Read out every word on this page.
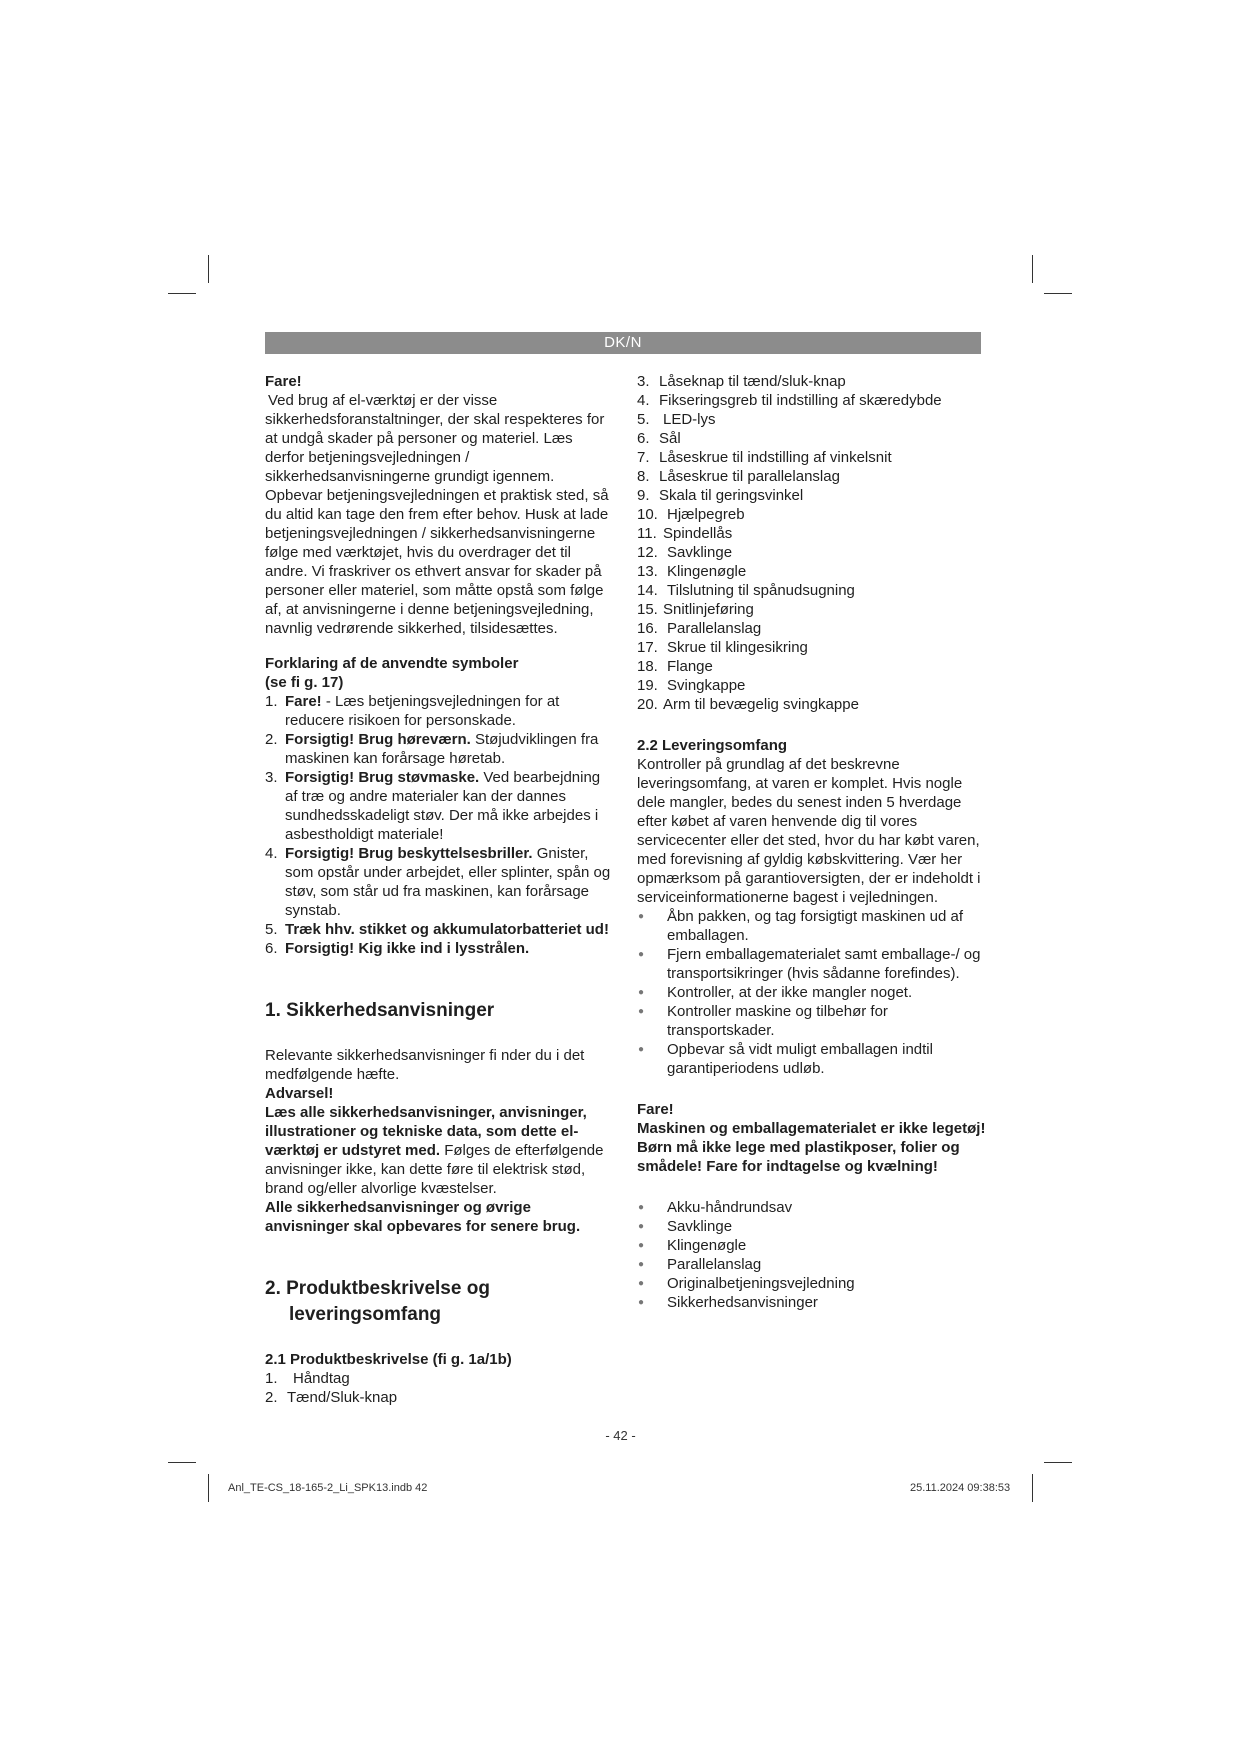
DK/N

Fare!

Ved brug af el-værktøj er der visse sikkerhedsforanstaltninger, der skal respekteres for at undgå skader på personer og materiel. Læs derfor betjeningsvejledningen / sikkerhedsanvisningerne grundigt igennem. Opbevar betjeningsvejledningen et praktisk sted, så du altid kan tage den frem efter behov. Husk at lade betjeningsvejledningen / sikkerhedsanvisningerne følge med værktøjet, hvis du overdrager det til andre. Vi fraskriver os ethvert ansvar for skader på personer eller materiel, som måtte opstå som følge af, at anvisningerne i denne betjeningsvejledning, navnlig vedrørende sikkerhed, tilsidesættes.

Forklaring af de anvendte symboler

(se fi g. 17)

1. Fare! - Læs betjeningsvejledningen for at reducere risikoen for personskade.
2. Forsigtig! Brug høreværn. Støjudviklingen fra maskinen kan forårsage høretab.
3. Forsigtig! Brug støvmaske. Ved bearbejdning af træ og andre materialer kan der dannes sundhedsskadeligt støv. Der må ikke arbejdes i asbestholdigt materiale!
4. Forsigtig! Brug beskyttelsesbriller. Gnister, som opstår under arbejdet, eller splinter, spån og støv, som står ud fra maskinen, kan forårsage synstab.
5. Træk hhv. stikket og akkumulatorbatteriet ud!
6. Forsigtig! Kig ikke ind i lysstrålen.
1. Sikkerhedsanvisninger

Relevante sikkerhedsanvisninger fi nder du i det medfølgende hæfte.

Advarsel!

Læs alle sikkerhedsanvisninger, anvisninger, illustrationer og tekniske data, som dette el-værktøj er udstyret med. Følges de efterfølgende anvisninger ikke, kan dette føre til elektrisk stød, brand og/eller alvorlige kvæstelser.

Alle sikkerhedsanvisninger og øvrige anvisninger skal opbevares for senere brug.

2. Produktbeskrivelse og
leveringsomfang

2.1 Produktbeskrivelse (fi g. 1a/1b)

1. Håndtag
2. Tænd/Sluk-knap
3. Låseknap til tænd/sluk-knap
4. Fikseringsgreb til indstilling af skæredybde
5. LED-lys
6. Sål
7. Låseskrue til indstilling af vinkelsnit
8. Låseskrue til parallelanslag
9. Skala til geringsvinkel
10. Hjælpegreb
11. Spindellås
12. Savklinge
13. Klingenøgle
14. Tilslutning til spånudsugning
15. Snitlinjeføring
16. Parallelanslag
17. Skrue til klingesikring
18. Flange
19. Svingkappe
20. Arm til bevægelig svingkappe

2.2 Leveringsomfang

Kontroller på grundlag af det beskrevne leveringsomfang, at varen er komplet. Hvis nogle dele mangler, bedes du senest inden 5 hverdage efter købet af varen henvende dig til vores servicecenter eller det sted, hvor du har købt varen, med forevisning af gyldig købskvittering. Vær her opmærksom på garantioversigten, der er indeholdt i serviceinformationerne bagest i vejledningen.

● Åbn pakken, og tag forsigtigt maskinen ud af emballagen.
● Fjern emballagematerialet samt emballage-/ og transportsikringer (hvis sådanne forefindes).
● Kontroller, at der ikke mangler noget.
● Kontroller maskine og tilbehør for transportskader.
● Opbevar så vidt muligt emballagen indtil garantiperiodens udløb.

Fare!

Maskinen og emballagematerialet er ikke legetøj! Børn må ikke lege med plastikposer, folier og smådele! Fare for indtagelse og kvælning!

● Akku-håndrundsav
● Savklinge
● Klingenøgle
● Parallelanslag
● Originalbetjeningsvejledning
● Sikkerhedsanvisninger
- 42 -
Anl_TE-CS_18-165-2_Li_SPK13.indb 42	25.11.2024 09:38:53
